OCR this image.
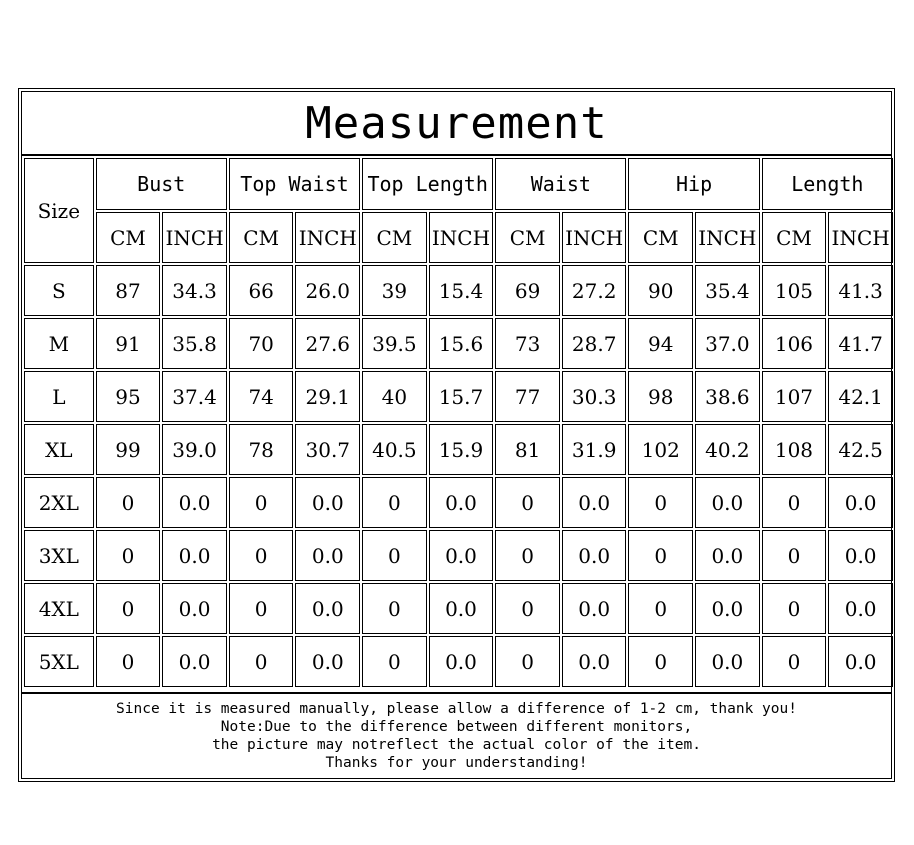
Measurement
Size	Bust		Top Waist		Top Length		Waist		Hip		Length	
	CM	INCH	CM	INCH	CM	INCH	CM	INCH	CM	INCH	CM	INCH
S	87	34.3	66	26.0	39	15.4	69	27.2	90	35.4	105	41.3
M	91	35.8	70	27.6	39.5	15.6	73	28.7	94	37.0	106	41.7
L	95	37.4	74	29.1	40	15.7	77	30.3	98	38.6	107	42.1
XL	99	39.0	78	30.7	40.5	15.9	81	31.9	102	40.2	108	42.5
2XL	0	0.0	0	0.0	0	0.0	0	0.0	0	0.0	0	0.0
3XL	0	0.0	0	0.0	0	0.0	0	0.0	0	0.0	0	0.0
4XL	0	0.0	0	0.0	0	0.0	0	0.0	0	0.0	0	0.0
5XL	0	0.0	0	0.0	0	0.0	0	0.0	0	0.0	0	0.0
Since it is measured manually, please allow a difference of 1-2 cm, thank you!
Note:Due to the difference between different monitors,
the picture may notreflect the actual color of the item.
Thanks for your understanding!
